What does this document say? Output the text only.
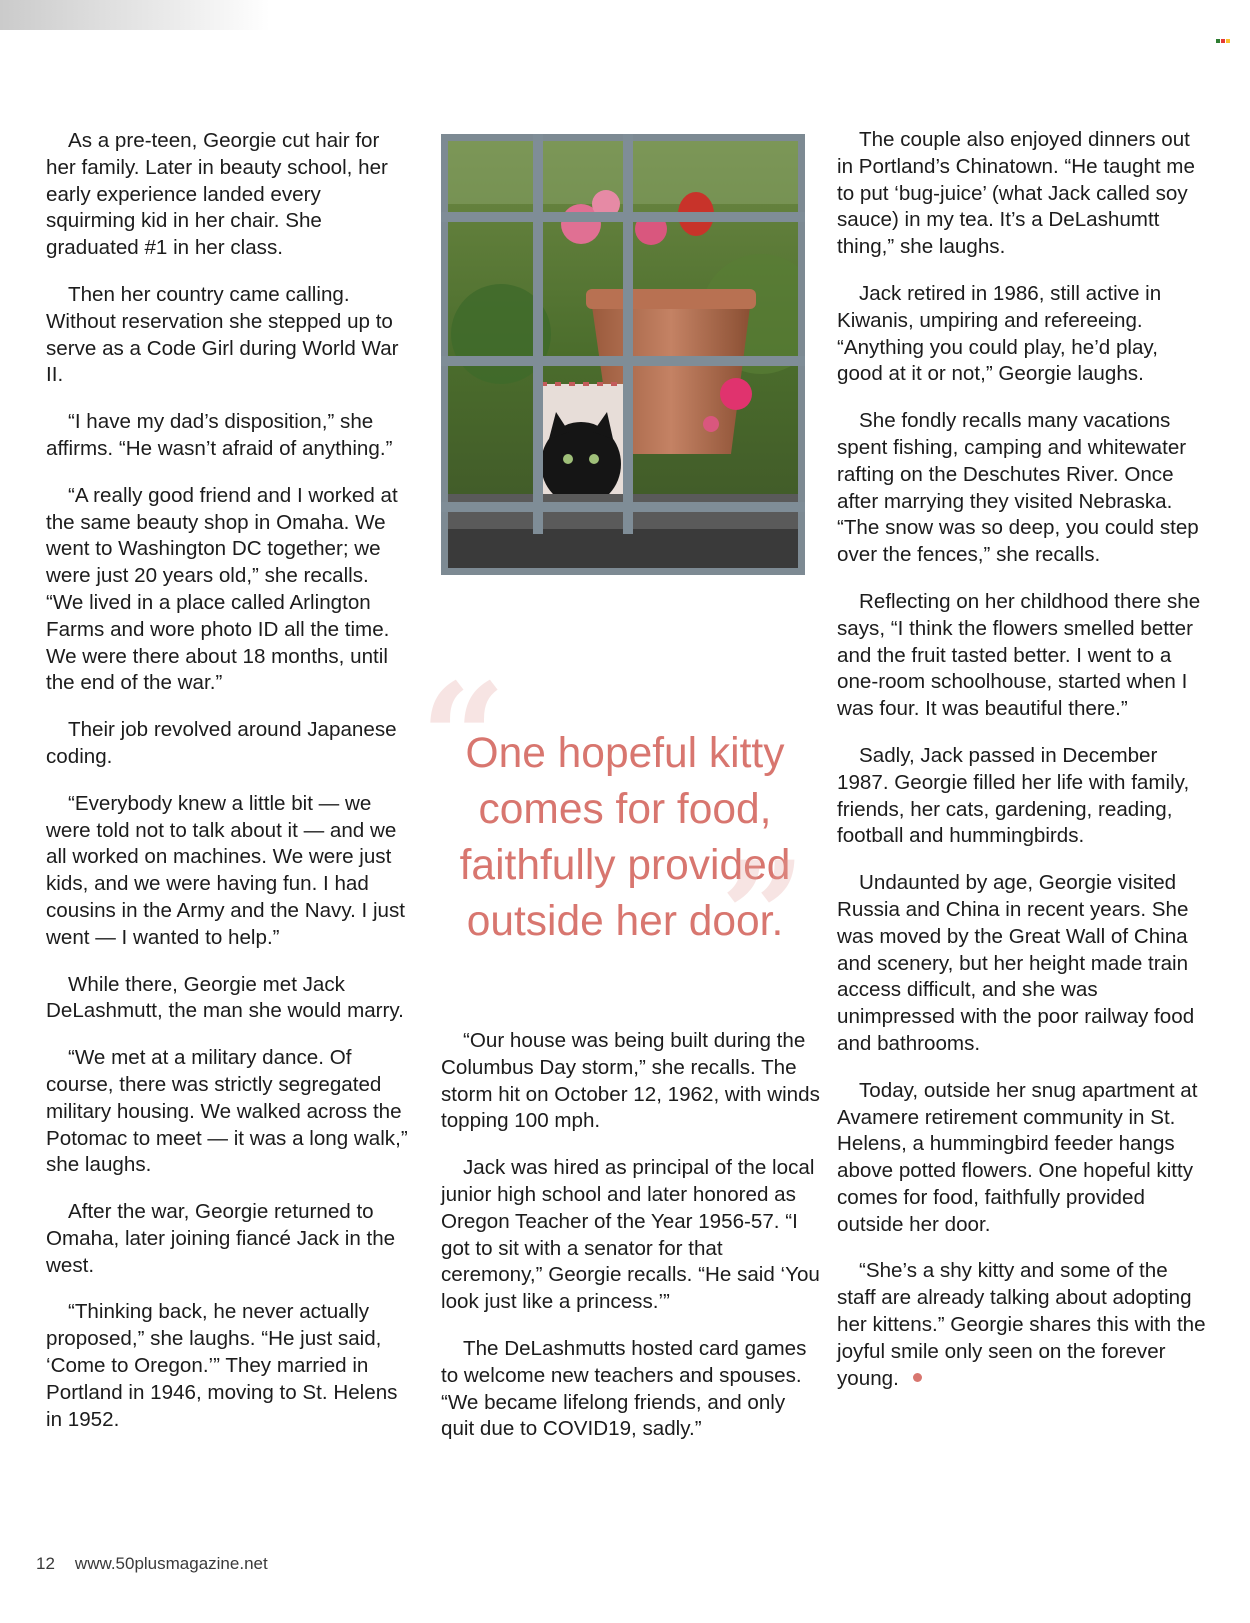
As a pre-teen, Georgie cut hair for her family. Later in beauty school, her early experience landed every squirming kid in her chair. She graduated #1 in her class.

Then her country came calling. Without reservation she stepped up to serve as a Code Girl during World War II.

“I have my dad’s disposition,” she affirms. “He wasn’t afraid of anything.”

“A really good friend and I worked at the same beauty shop in Omaha. We went to Washington DC together; we were just 20 years old,” she recalls. “We lived in a place called Arlington Farms and wore photo ID all the time. We were there about 18 months, until the end of the war.”

Their job revolved around Japanese coding.

“Everybody knew a little bit — we were told not to talk about it — and we all worked on machines. We were just kids, and we were having fun. I had cousins in the Army and the Navy. I just went — I wanted to help.”

While there, Georgie met Jack DeLashmutt, the man she would marry.

“We met at a military dance. Of course, there was strictly segregated military housing. We walked across the Potomac to meet — it was a long walk,” she laughs.

After the war, Georgie returned to Omaha, later joining fiancé Jack in the west.

“Thinking back, he never actually proposed,” she laughs. “He just said, ‘Come to Oregon.’” They married in Portland in 1946, moving to St. Helens in 1952.

“
One hopeful kitty comes for food, faithfully provided outside her door.
”

“Our house was being built during the Columbus Day storm,” she recalls. The storm hit on October 12, 1962, with winds topping 100 mph.

Jack was hired as principal of the local junior high school and later honored as Oregon Teacher of the Year 1956-57. “I got to sit with a senator for that ceremony,” Georgie recalls. “He said ‘You look just like a princess.’”

The DeLashmutts hosted card games to welcome new teachers and spouses. “We became lifelong friends, and only quit due to COVID19, sadly.”

The couple also enjoyed dinners out in Portland’s Chinatown. “He taught me to put ‘bug-juice’ (what Jack called soy sauce) in my tea. It’s a DeLashumtt thing,” she laughs.

Jack retired in 1986, still active in Kiwanis, umpiring and refereeing. “Anything you could play, he’d play, good at it or not,” Georgie laughs.

She fondly recalls many vacations spent fishing, camping and whitewater rafting on the Deschutes River. Once after marrying they visited Nebraska. “The snow was so deep, you could step over the fences,” she recalls.

Reflecting on her childhood there she says, “I think the flowers smelled better and the fruit tasted better. I went to a one-room schoolhouse, started when I was four. It was beautiful there.”

Sadly, Jack passed in December 1987. Georgie filled her life with family, friends, her cats, gardening, reading, football and hummingbirds.

Undaunted by age, Georgie visited Russia and China in recent years. She was moved by the Great Wall of China and scenery, but her height made train access difficult, and she was unimpressed with the poor railway food and bathrooms.

Today, outside her snug apartment at Avamere retirement community in St. Helens, a hummingbird feeder hangs above potted flowers. One hopeful kitty comes for food, faithfully provided outside her door.

“She’s a shy kitty and some of the staff are already talking about adopting her kittens.” Georgie shares this with the joyful smile only seen on the forever young.

12 www.50plusmagazine.net
